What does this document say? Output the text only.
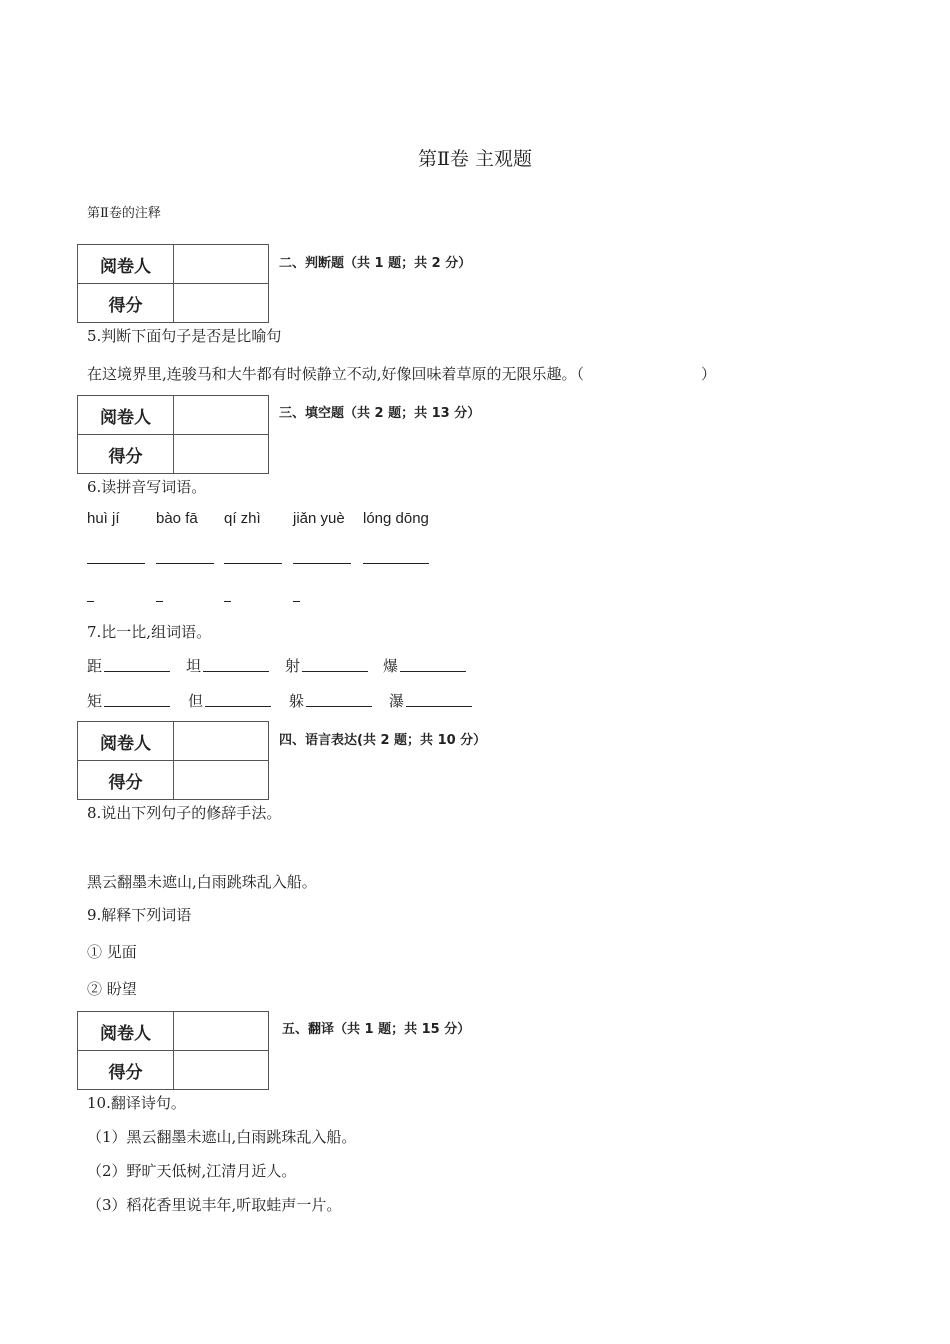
第Ⅱ卷 主观题
第Ⅱ卷的注释
阅卷人	
得分	
二、判断题（共 1 题；共 2 分）
5.判断下面句子是否是比喻句
在这境界里,连骏马和大牛都有时候静立不动,好像回味着草原的无限乐趣。（	）
阅卷人	
得分	
三、填空题（共 2 题；共 13 分）
6.读拼音写词语。
huì jí bào fā qí zhì jiǎn yuè lóng dōng
7.比一比,组词语。
距	坦	射	爆
矩	但	躲	瀑
阅卷人	
得分	
四、语言表达(共 2 题；共 10 分）
8.说出下列句子的修辞手法。
黑云翻墨未遮山,白雨跳珠乱入船。
9.解释下列词语
① 见面
② 盼望
阅卷人	
得分	
五、翻译（共 1 题；共 15 分）
10.翻译诗句。
（1）黑云翻墨未遮山,白雨跳珠乱入船。
（2）野旷天低树,江清月近人。
（3）稻花香里说丰年,听取蛙声一片。
